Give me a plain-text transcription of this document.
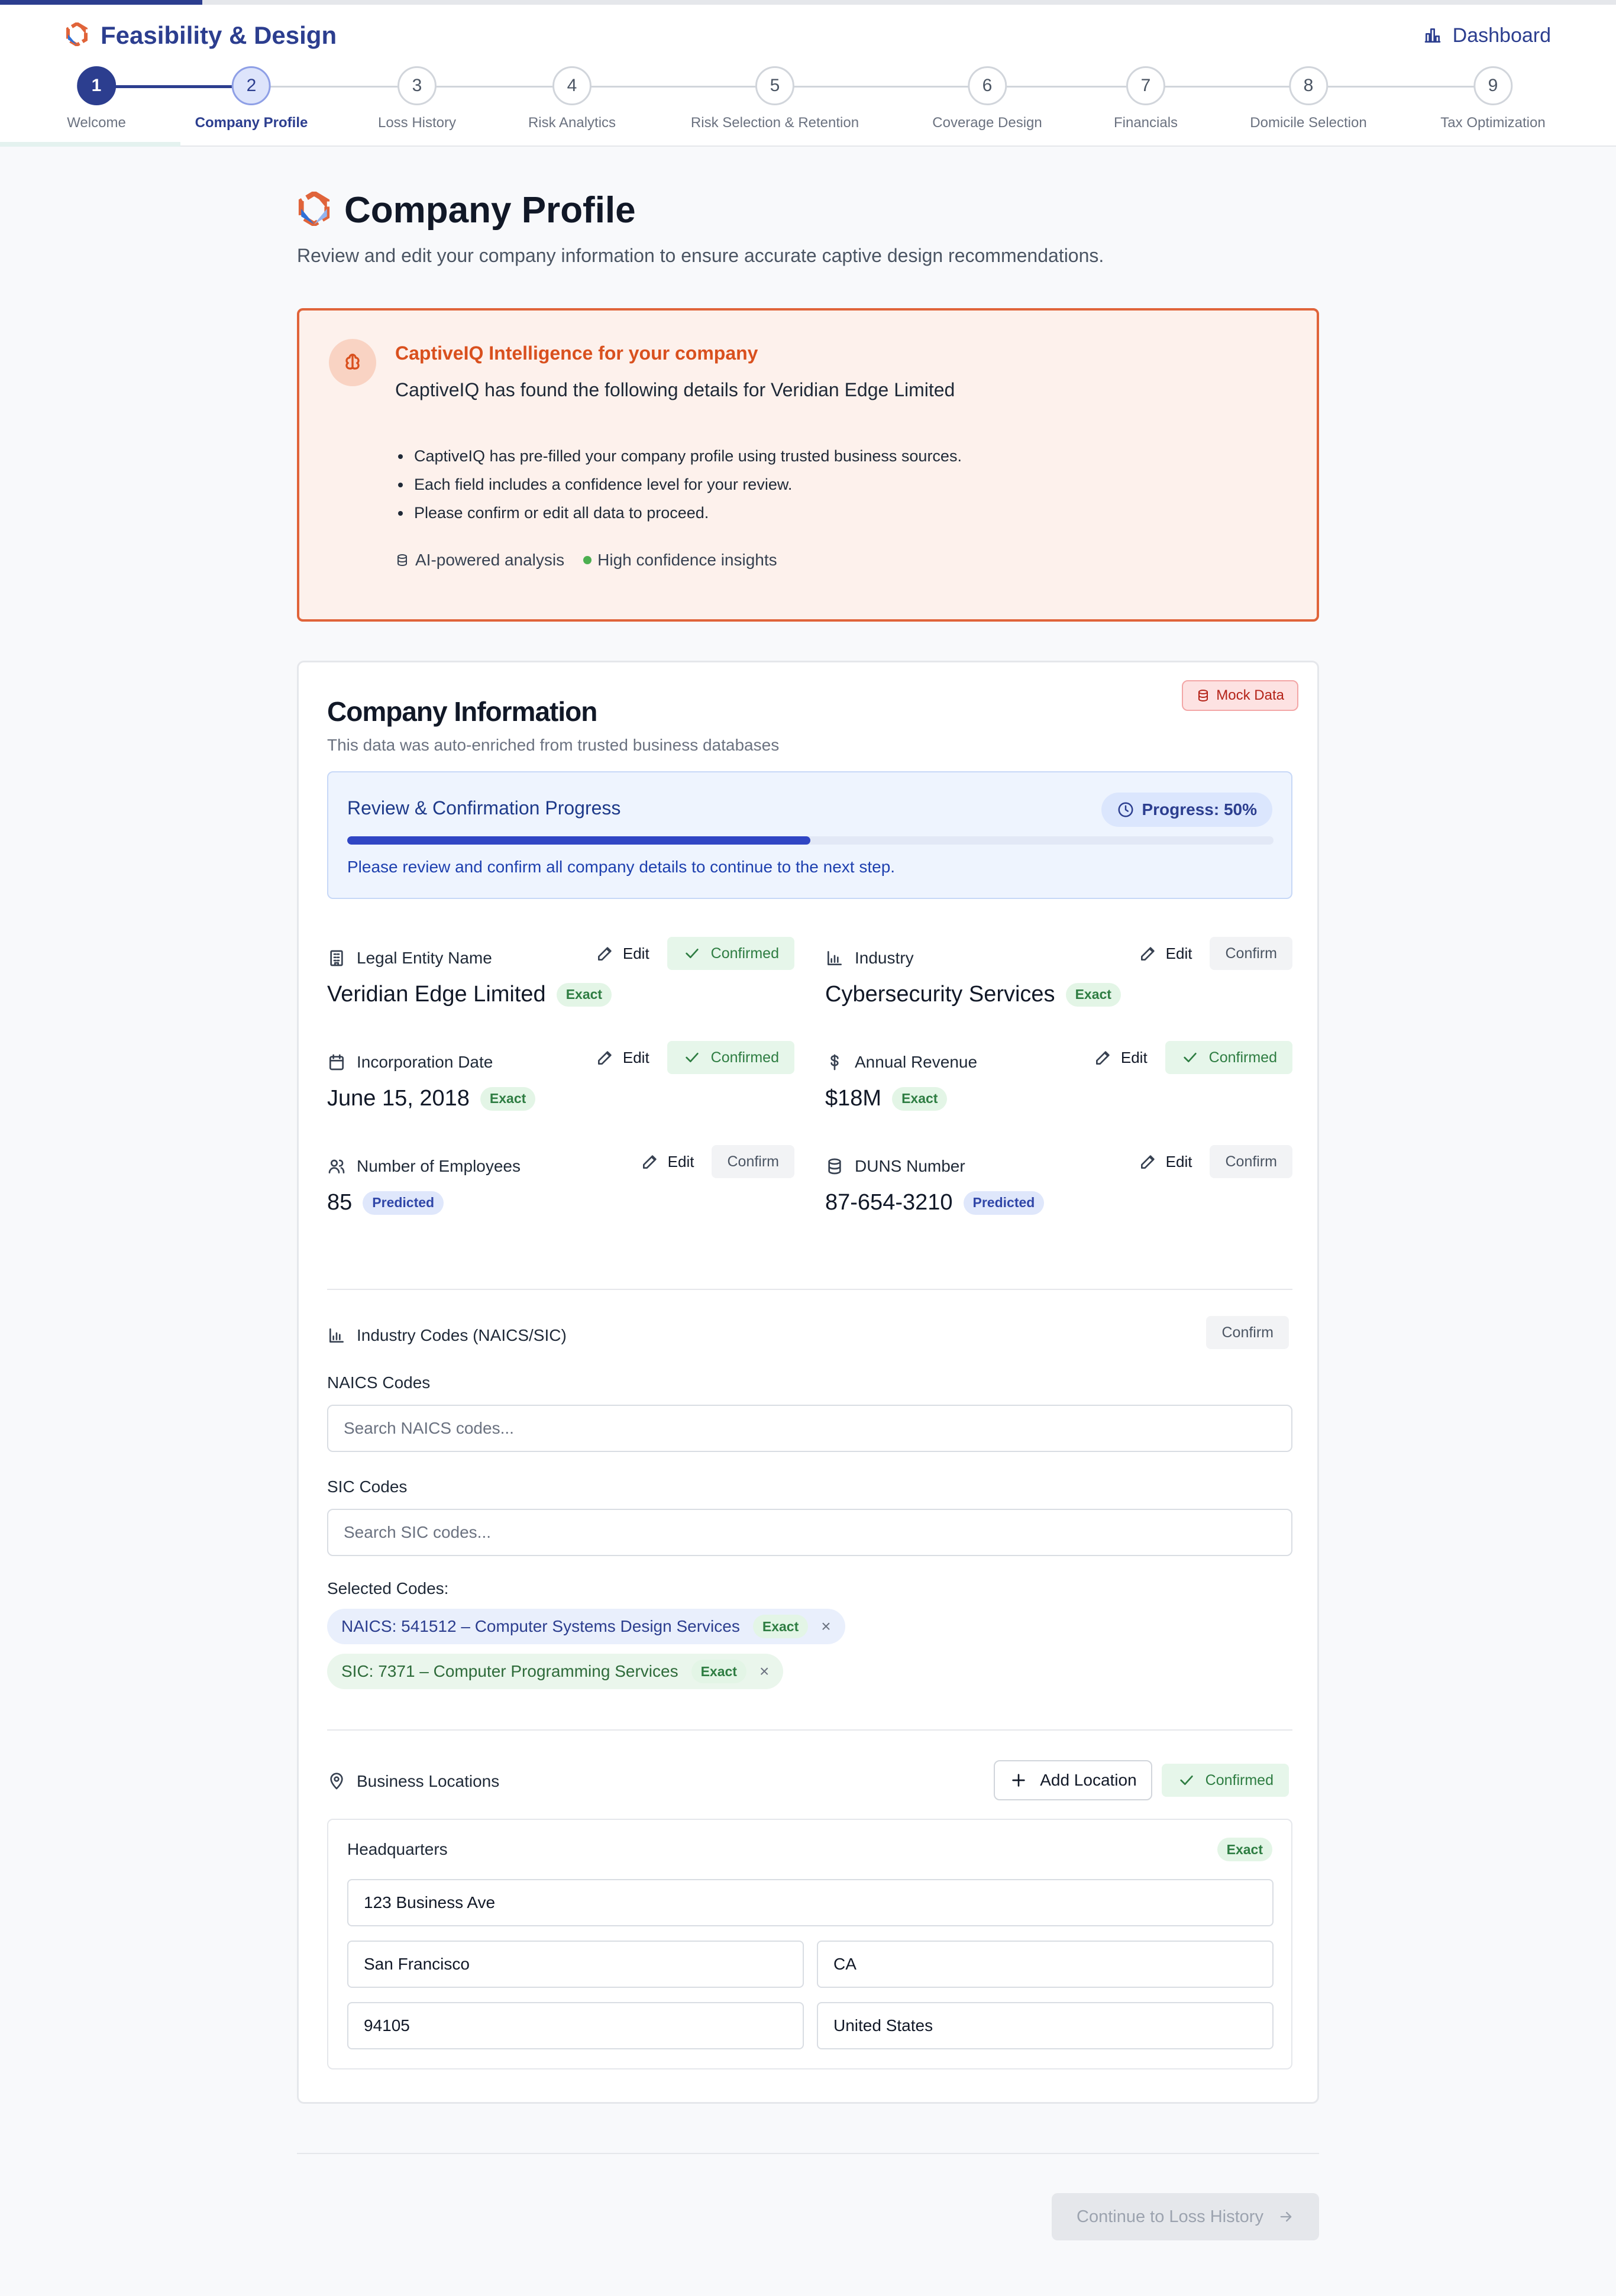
Feasibility & Design	Dashboard
1
Welcome
2
Company Profile
3
Loss History
4
Risk Analytics
5
Risk Selection & Retention
6
Coverage Design
7
Financials
8
Domicile Selection
9
Tax Optimization
Company Profile

Review and edit your company information to ensure accurate captive design recommendations.

CaptiveIQ Intelligence for your company
CaptiveIQ has found the following details for Veridian Edge Limited
• CaptiveIQ has pre-filled your company profile using trusted business sources.
• Each field includes a confidence level for your review.
• Please confirm or edit all data to proceed.
AI-powered analysis High confidence insights
Mock Data
Company Information
This data was auto-enriched from trusted business databases
Review & Confirmation Progress	Progress: 50%
Please review and confirm all company details to continue to the next step.
Legal Entity Name	Edit	Confirmed
Veridian Edge Limited	Exact
Industry	Edit	Confirm
Cybersecurity Services	Exact
Incorporation Date	Edit	Confirmed
June 15, 2018	Exact
Annual Revenue	Edit	Confirmed
$18M	Exact
Number of Employees	Edit	Confirm
85	Predicted
DUNS Number	Edit	Confirm
87-654-3210	Predicted
Industry Codes (NAICS/SIC)	Confirm
NAICS Codes
Search NAICS codes...
SIC Codes
Search SIC codes...
Selected Codes:
NAICS: 541512 – Computer Systems Design Services	Exact	×
SIC: 7371 – Computer Programming Services	Exact	×
Business Locations	Add Location	Confirmed
Headquarters	Exact
123 Business Ave
San Francisco
CA
94105
United States
Continue to Loss History
